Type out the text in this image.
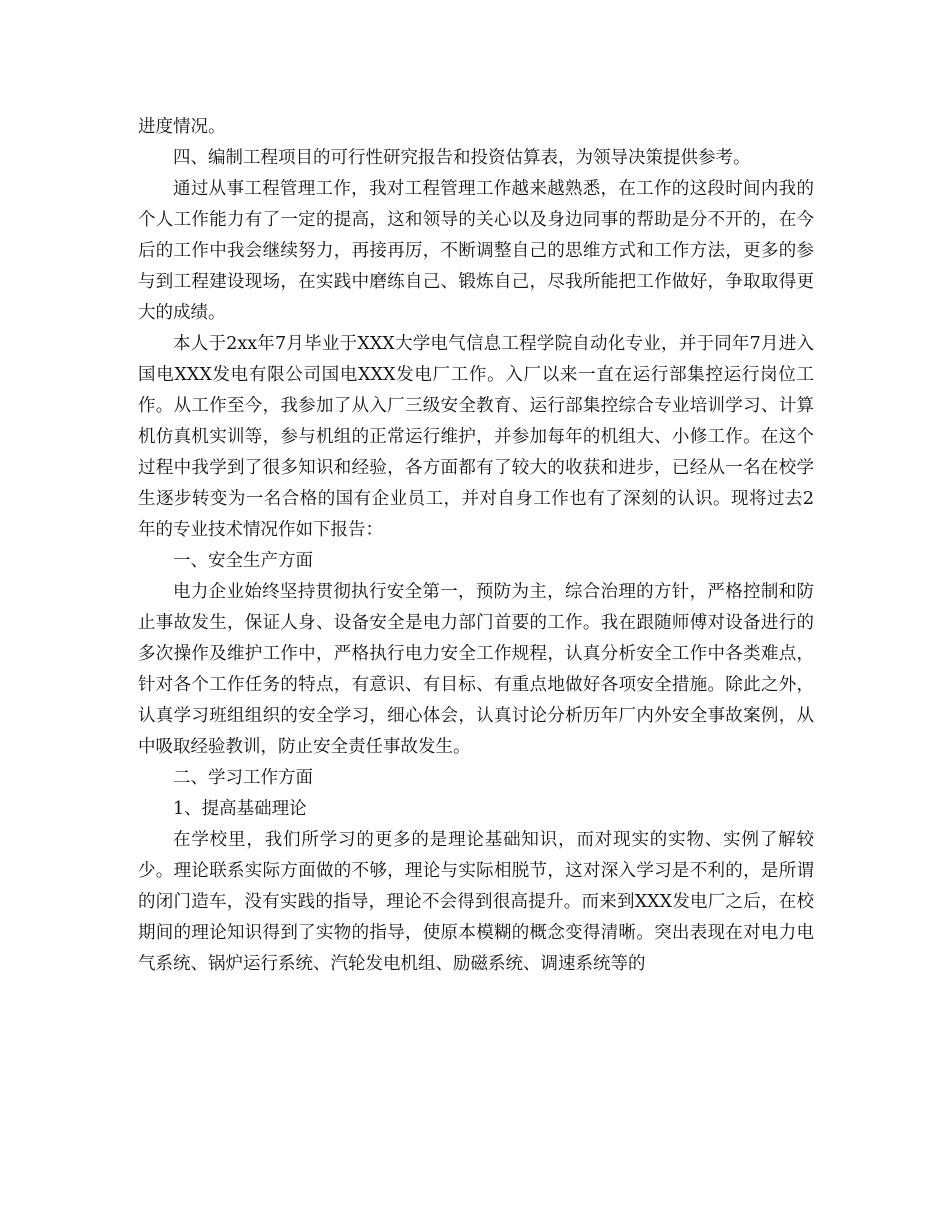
进度情况。

四、编制工程项目的可行性研究报告和投资估算表，为领导决策提供参考。

通过从事工程管理工作，我对工程管理工作越来越熟悉，在工作的这段时间内我的个人工作能力有了一定的提高，这和领导的关心以及身边同事的帮助是分不开的，在今后的工作中我会继续努力，再接再厉，不断调整自己的思维方式和工作方法，更多的参与到工程建设现场，在实践中磨练自己、锻炼自己，尽我所能把工作做好，争取取得更大的成绩。

本人于2xx年7月毕业于XXX大学电气信息工程学院自动化专业，并于同年7月进入国电XXX发电有限公司国电XXX发电厂工作。入厂以来一直在运行部集控运行岗位工作。从工作至今，我参加了从入厂三级安全教育、运行部集控综合专业培训学习、计算机仿真机实训等，参与机组的正常运行维护，并参加每年的机组大、小修工作。在这个过程中我学到了很多知识和经验，各方面都有了较大的收获和进步，已经从一名在校学生逐步转变为一名合格的国有企业员工，并对自身工作也有了深刻的认识。现将过去2年的专业技术情况作如下报告：

一、安全生产方面

电力企业始终坚持贯彻执行安全第一，预防为主，综合治理的方针，严格控制和防止事故发生，保证人身、设备安全是电力部门首要的工作。我在跟随师傅对设备进行的多次操作及维护工作中，严格执行电力安全工作规程，认真分析安全工作中各类难点，针对各个工作任务的特点，有意识、有目标、有重点地做好各项安全措施。除此之外，认真学习班组组织的安全学习，细心体会，认真讨论分析历年厂内外安全事故案例，从中吸取经验教训，防止安全责任事故发生。

二、学习工作方面

1、提高基础理论

在学校里，我们所学习的更多的是理论基础知识，而对现实的实物、实例了解较少。理论联系实际方面做的不够，理论与实际相脱节，这对深入学习是不利的，是所谓的闭门造车，没有实践的指导，理论不会得到很高提升。而来到XXX发电厂之后，在校期间的理论知识得到了实物的指导，使原本模糊的概念变得清晰。突出表现在对电力电气系统、锅炉运行系统、汽轮发电机组、励磁系统、调速系统等的
